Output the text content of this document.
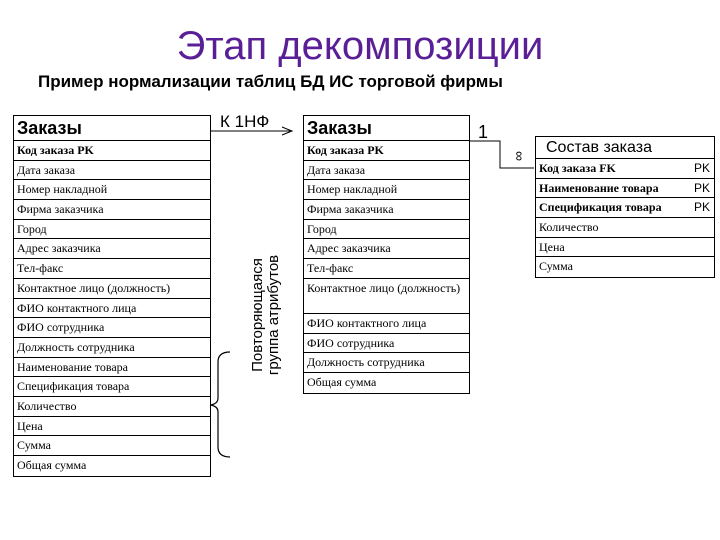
Этап декомпозиции
Пример нормализации таблиц БД ИС торговой фирмы
К 1НФ
1
∞
Повторяющаяся группа атрибутов
Заказы
Код заказа PK
Дата заказа
Номер накладной
Фирма заказчика
Город
Адрес заказчика
Тел-факс
Контактное лицо (должность)
ФИО контактного лица
ФИО сотрудника
Должность сотрудника
Наименование товара
Спецификация товара
Количество
Цена
Сумма
Общая сумма
Заказы
Код заказа PK
Дата заказа
Номер накладной
Фирма заказчика
Город
Адрес заказчика
Тел-факс
Контактное лицо (должность)
ФИО контактного лица
ФИО сотрудника
Должность сотрудника
Общая сумма
Состав заказа
Код заказа FK	PK
Наименование товара	PK
Спецификация товара	PK
Количество
Цена
Сумма
